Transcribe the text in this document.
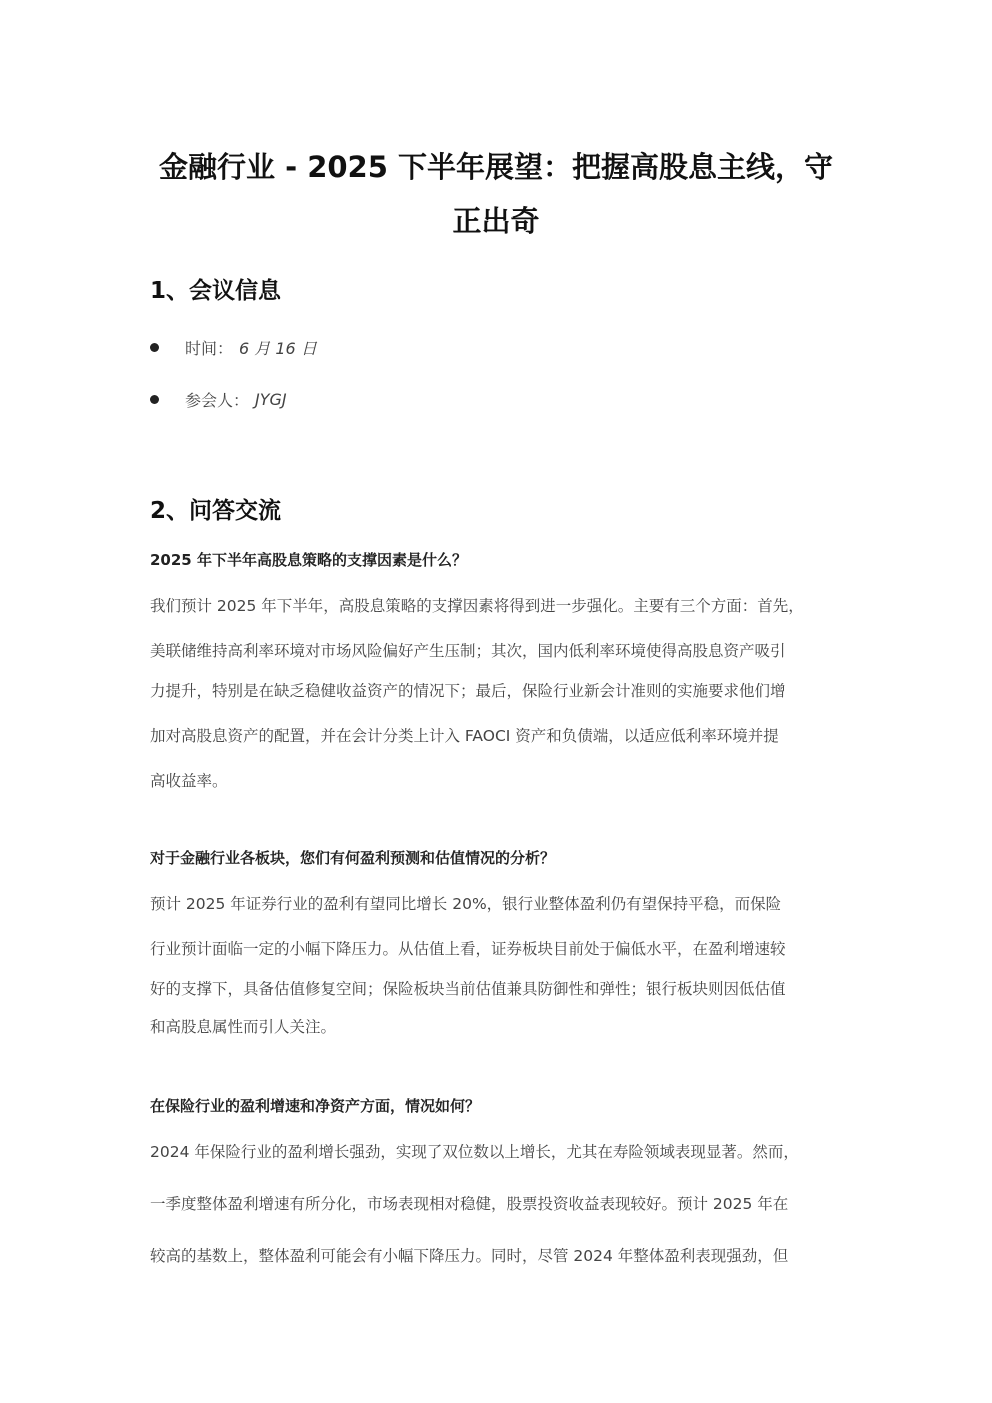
金融行业 - 2025 下半年展望：把握高股息主线，守
正出奇
1、会议信息
时间： 6 月 16 日
参会人： JYGJ
2、问答交流

2025 年下半年高股息策略的支撑因素是什么？

我们预计 2025 年下半年，高股息策略的支撑因素将得到进一步强化。主要有三个方面：首先，
美联储维持高利率环境对市场风险偏好产生压制；其次，国内低利率环境使得高股息资产吸引
力提升，特别是在缺乏稳健收益资产的情况下；最后，保险行业新会计准则的实施要求他们增
加对高股息资产的配置，并在会计分类上计入 FAOCI 资产和负债端，以适应低利率环境并提
高收益率。

对于金融行业各板块，您们有何盈利预测和估值情况的分析？

预计 2025 年证券行业的盈利有望同比增长 20%，银行业整体盈利仍有望保持平稳，而保险
行业预计面临一定的小幅下降压力。从估值上看，证券板块目前处于偏低水平，在盈利增速较
好的支撑下，具备估值修复空间；保险板块当前估值兼具防御性和弹性；银行板块则因低估值
和高股息属性而引人关注。

在保险行业的盈利增速和净资产方面，情况如何？

2024 年保险行业的盈利增长强劲，实现了双位数以上增长，尤其在寿险领域表现显著。然而，
一季度整体盈利增速有所分化，市场表现相对稳健，股票投资收益表现较好。预计 2025 年在
较高的基数上，整体盈利可能会有小幅下降压力。同时，尽管 2024 年整体盈利表现强劲，但
